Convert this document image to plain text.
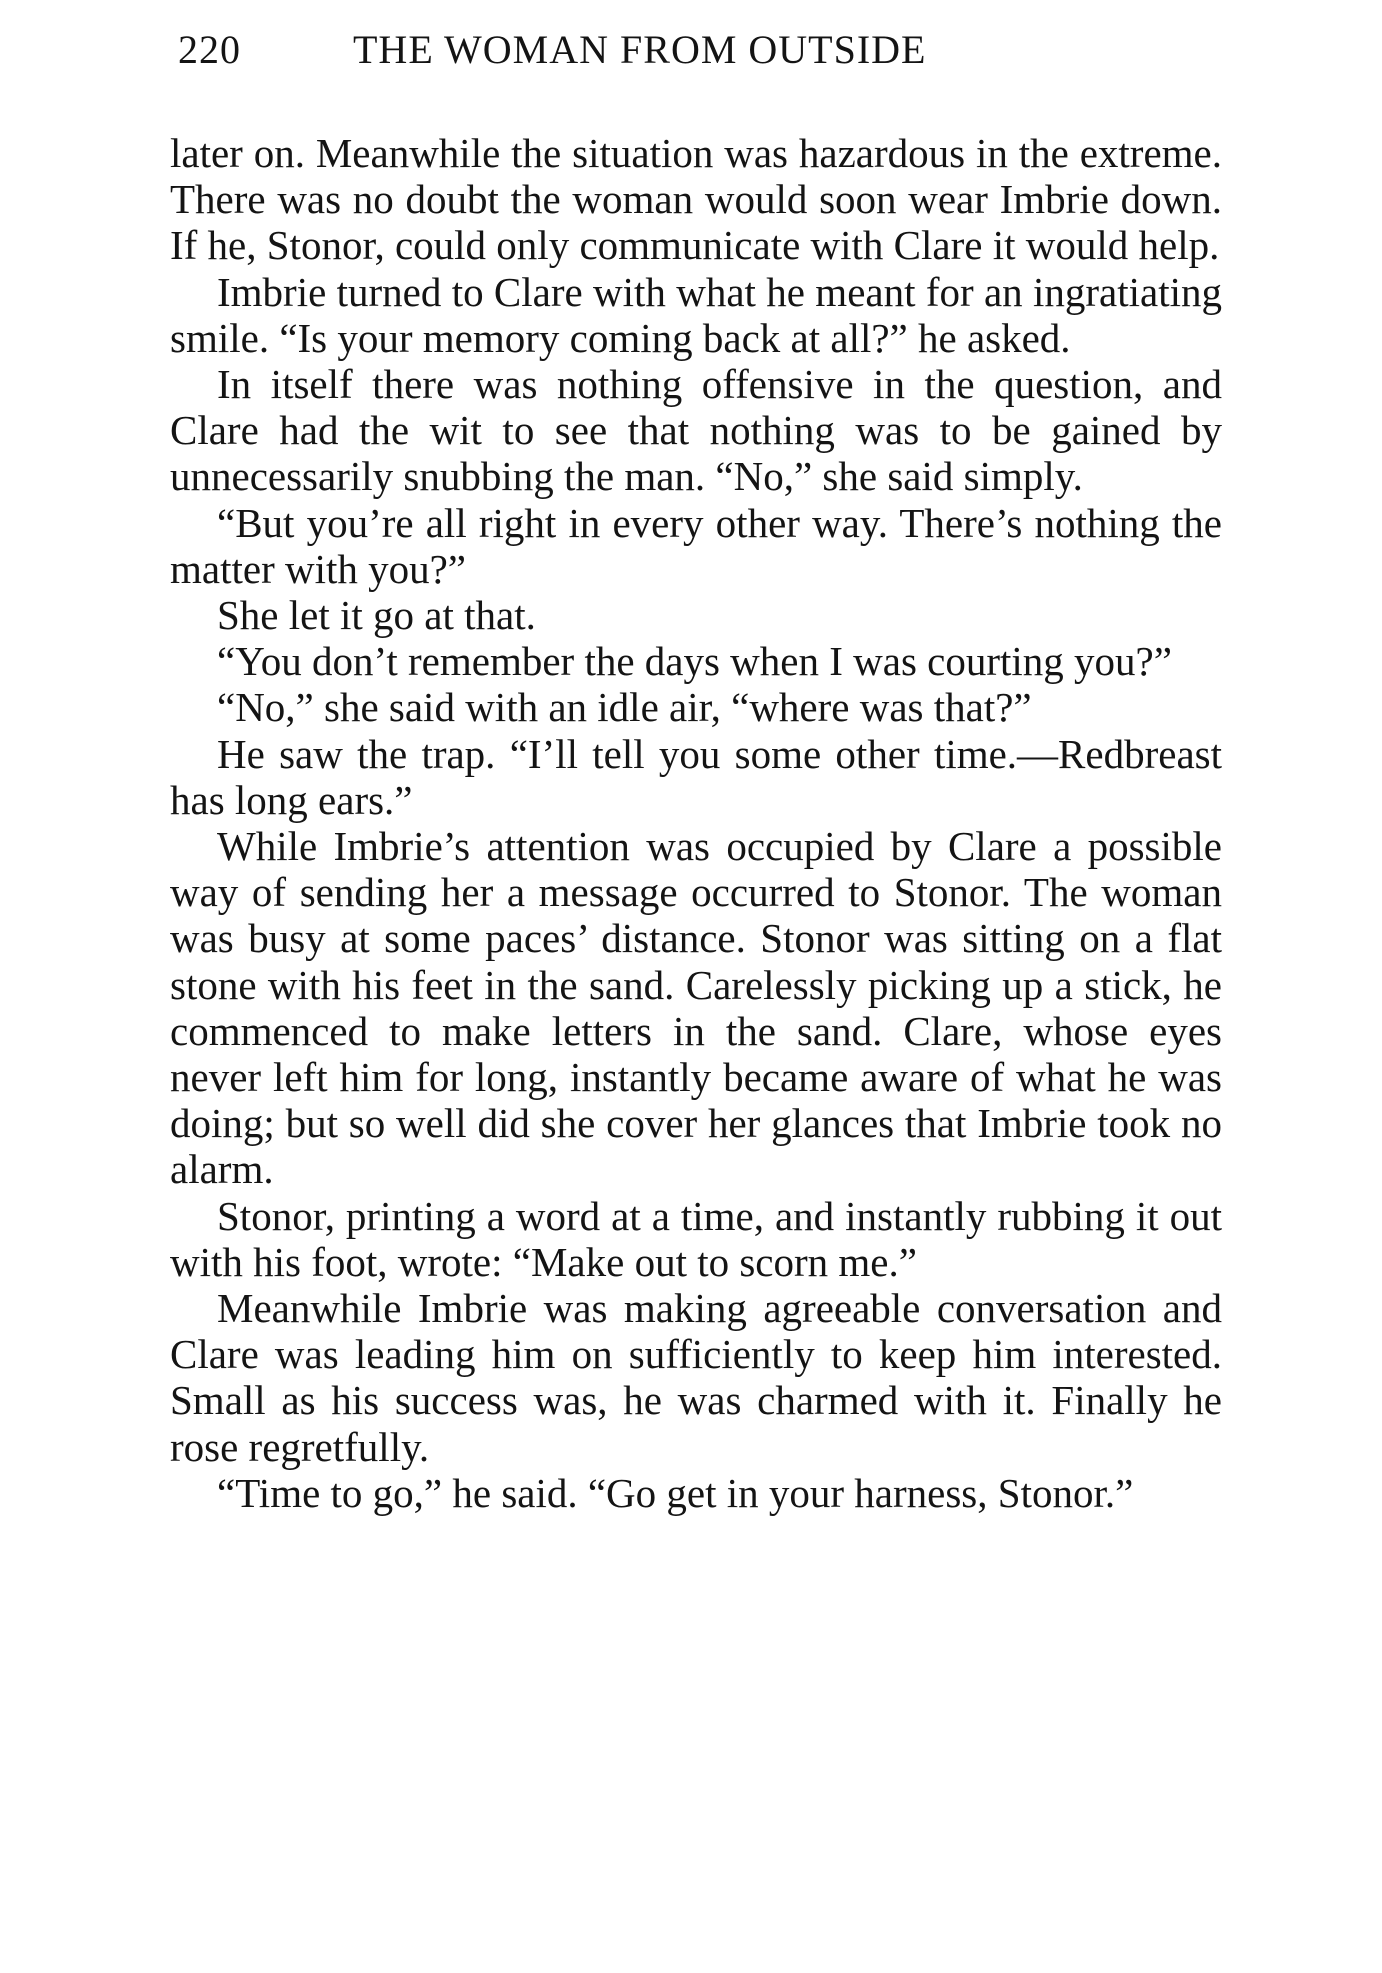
220	THE WOMAN FROM OUTSIDE

later on. Meanwhile the situation was hazardous in the extreme. There was no doubt the woman would soon wear Imbrie down. If he, Stonor, could only communicate with Clare it would help.

Imbrie turned to Clare with what he meant for an ingratiating smile. “Is your memory coming back at all?” he asked.

In itself there was nothing offensive in the question, and Clare had the wit to see that nothing was to be gained by unnecessarily snubbing the man. “No,” she said simply.

“But you’re all right in every other way. There’s nothing the matter with you?”

She let it go at that.

“You don’t remember the days when I was courting you?”

“No,” she said with an idle air, “where was that?”

He saw the trap. “I’ll tell you some other time.—Redbreast has long ears.”

While Imbrie’s attention was occupied by Clare a possible way of sending her a message occurred to Stonor. The woman was busy at some paces’ distance. Stonor was sitting on a flat stone with his feet in the sand. Carelessly picking up a stick, he commenced to make letters in the sand. Clare, whose eyes never left him for long, instantly became aware of what he was doing; but so well did she cover her glances that Imbrie took no alarm.

Stonor, printing a word at a time, and instantly rubbing it out with his foot, wrote: “Make out to scorn me.”

Meanwhile Imbrie was making agreeable conversation and Clare was leading him on sufficiently to keep him interested. Small as his success was, he was charmed with it. Finally he rose regretfully.

“Time to go,” he said. “Go get in your harness, Stonor.”
